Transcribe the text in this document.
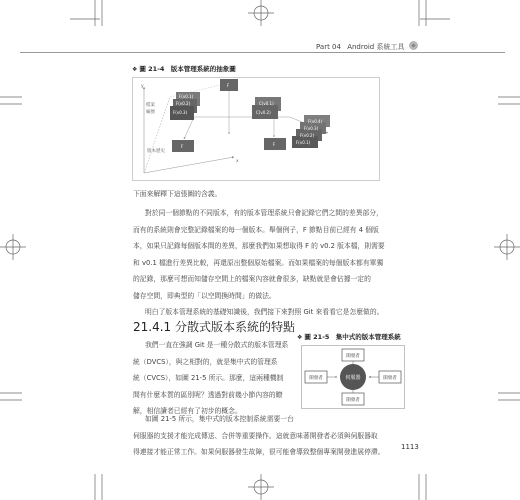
Part 04 Android 系統工具
❖ 圖 21-4 版本管理系統的抽象圖
檔案
編號
版本歷史
x
y	F
F(v0.1)
F(v0.2)
F(v0.3)
C(v0.1)
C(v0.2)
F(v0.4)
F(v0.3)
F(v0.2)
F(v0.1)
F	F

下面來解釋下這張圖的含義。

對於同一個節點的不同版本，有的版本管理系統只會記錄它們之間的差異部分，

而有的系統則會完整記錄檔案的每一個版本。舉個例子，F 節點目前已經有 4 個版

本，如果只記錄每個版本間的差異，那麼我們如果想取得 F 的 v0.2 版本檔，則需要

和 v0.1 檔進行差異比較，再還原出整個原始檔案。而如果檔案的每個版本都有單獨

的記錄，那麼可想而知儲存空間上的檔案內容就會很多，缺點就是會佔據一定的

儲存空間，即典型的「以空間換時間」的做法。

明白了版本管理系統的基礎知識後，我們接下來對照 Git 來看看它是怎麼做的。

21.4.1 分散式版本系統的特點

我們一直在強調 Git 是一種分散式的版本管理系

統（DVCS），與之相對的，就是集中式的管理系

統（CVCS），如圖 21-5 所示。那麼，這兩種機制

間有什麼本質的區別呢？透過對前幾小節內容的瞭

解，相信讀者已經有了初步的概念。

❖ 圖 21-5 集中式的版本管理系統
伺服器
開發者
開發者	開發者
開發者

如圖 21-5 所示，集中式的版本控制系統需要一台

伺服器的支援才能完成傳送、合併等重要操作。這就意味著開發者必須與伺服器取

得連接才能正常工作。如果伺服器發生故障，很可能會導致整個專案開發進展停滯。

1113
